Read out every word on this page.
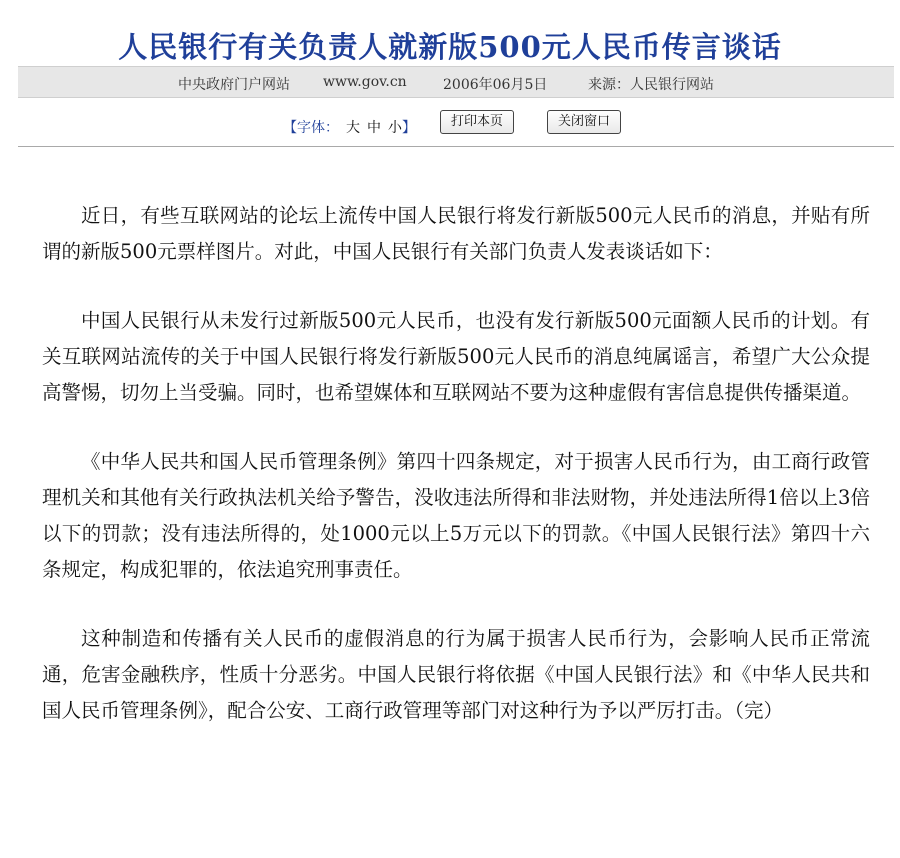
人民银行有关负责人就新版500元人民币传言谈话
中央政府门户网站 www.gov.cn	2006年06月5日	来源：人民银行网站
【字体： 大 中 小】	打印本页	关闭窗口

近日，有些互联网站的论坛上流传中国人民银行将发行新版500元人民币的消息，并贴有所谓的新版500元票样图片。对此，中国人民银行有关部门负责人发表谈话如下：

中国人民银行从未发行过新版500元人民币，也没有发行新版500元面额人民币的计划。有关互联网站流传的关于中国人民银行将发行新版500元人民币的消息纯属谣言，希望广大公众提高警惕，切勿上当受骗。同时，也希望媒体和互联网站不要为这种虚假有害信息提供传播渠道。

《中华人民共和国人民币管理条例》第四十四条规定，对于损害人民币行为，由工商行政管理机关和其他有关行政执法机关给予警告，没收违法所得和非法财物，并处违法所得1倍以上3倍以下的罚款；没有违法所得的，处1000元以上5万元以下的罚款。《中国人民银行法》第四十六条规定，构成犯罪的，依法追究刑事责任。

这种制造和传播有关人民币的虚假消息的行为属于损害人民币行为，会影响人民币正常流通，危害金融秩序，性质十分恶劣。中国人民银行将依据《中国人民银行法》和《中华人民共和国人民币管理条例》，配合公安、工商行政管理等部门对这种行为予以严厉打击。（完）
